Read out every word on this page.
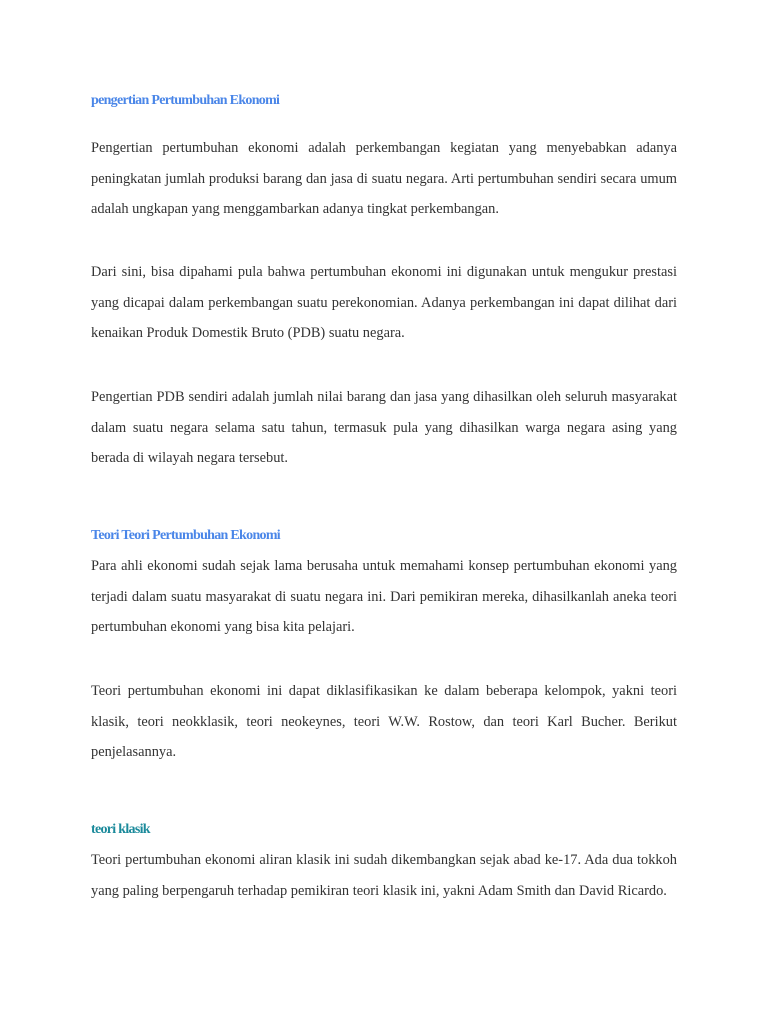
pengertian Pertumbuhan Ekonomi

Pengertian pertumbuhan ekonomi adalah perkembangan kegiatan yang menyebabkan adanya peningkatan jumlah produksi barang dan jasa di suatu negara. Arti pertumbuhan sendiri secara umum adalah ungkapan yang menggambarkan adanya tingkat perkembangan.

Dari sini, bisa dipahami pula bahwa pertumbuhan ekonomi ini digunakan untuk mengukur prestasi yang dicapai dalam perkembangan suatu perekonomian. Adanya perkembangan ini dapat dilihat dari kenaikan Produk Domestik Bruto (PDB) suatu negara.

Pengertian PDB sendiri adalah jumlah nilai barang dan jasa yang dihasilkan oleh seluruh masyarakat dalam suatu negara selama satu tahun, termasuk pula yang dihasilkan warga negara asing yang berada di wilayah negara tersebut.

Teori Teori Pertumbuhan Ekonomi

Para ahli ekonomi sudah sejak lama berusaha untuk memahami konsep pertumbuhan ekonomi yang terjadi dalam suatu masyarakat di suatu negara ini. Dari pemikiran mereka, dihasilkanlah aneka teori pertumbuhan ekonomi yang bisa kita pelajari.

Teori pertumbuhan ekonomi ini dapat diklasifikasikan ke dalam beberapa kelompok, yakni teori klasik, teori neokklasik, teori neokeynes, teori W.W. Rostow, dan teori Karl Bucher. Berikut penjelasannya.

teori klasik

Teori pertumbuhan ekonomi aliran klasik ini sudah dikembangkan sejak abad ke-17. Ada dua tokkoh yang paling berpengaruh terhadap pemikiran teori klasik ini, yakni Adam Smith dan David Ricardo.
